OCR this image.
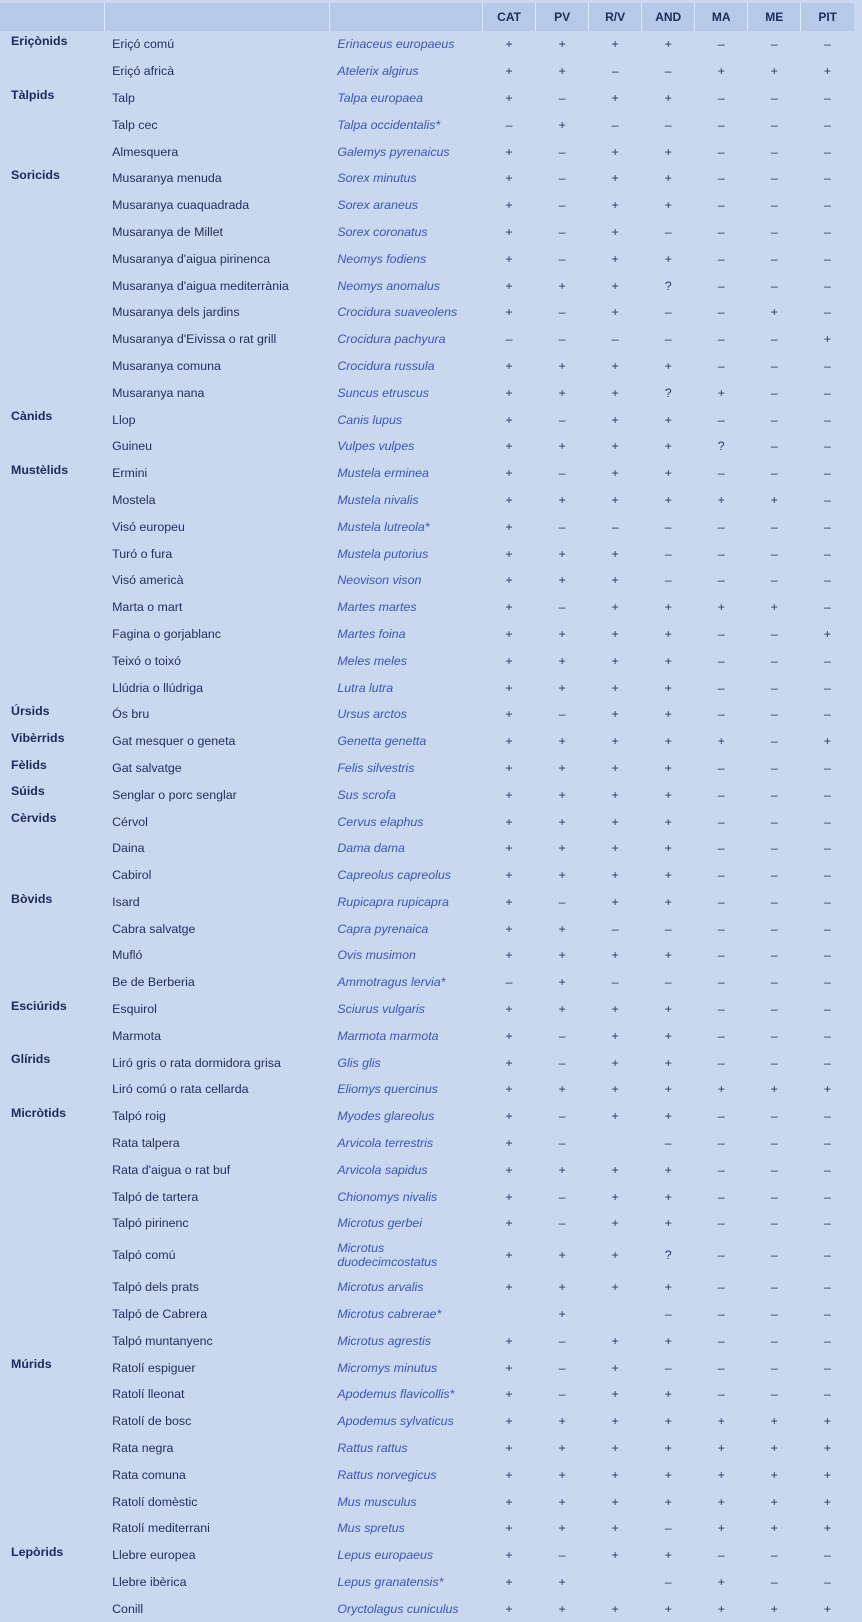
			CAT	PV	R/V	AND	MA	ME	PIT
Eriçònids	Eriçó comú	Erinaceus europaeus	+	+	+	+	–	–	–
	Eriçó africà	Atelerix algirus	+	+	–	–	+	+	+
Tàlpids	Talp	Talpa europaea	+	–	+	+	–	–	–
	Talp cec	Talpa occidentalis*	–	+	–	–	–	–	–
	Almesquera	Galemys pyrenaicus	+	–	+	+	–	–	–
Soricids	Musaranya menuda	Sorex minutus	+	–	+	+	–	–	–
	Musaranya cuaquadrada	Sorex araneus	+	–	+	+	–	–	–
	Musaranya de Millet	Sorex coronatus	+	–	+	–	–	–	–
	Musaranya d'aigua pirinenca	Neomys fodiens	+	–	+	+	–	–	–
	Musaranya d'aigua mediterrània	Neomys anomalus	+	+	+	?	–	–	–
	Musaranya dels jardins	Crocidura suaveolens	+	–	+	–	–	+	–
	Musaranya d'Eivissa o rat grill	Crocidura pachyura	–	–	–	–	–	–	+
	Musaranya comuna	Crocidura russula	+	+	+	+	–	–	–
	Musaranya nana	Suncus etruscus	+	+	+	?	+	–	–
Cànids	Llop	Canis lupus	+	–	+	+	–	–	–
	Guineu	Vulpes vulpes	+	+	+	+	?	–	–
Mustèlids	Ermini	Mustela erminea	+	–	+	+	–	–	–
	Mostela	Mustela nivalis	+	+	+	+	+	+	–
	Visó europeu	Mustela lutreola*	+	–	–	–	–	–	–
	Turó o fura	Mustela putorius	+	+	+	–	–	–	–
	Visó americà	Neovison vison	+	+	+	–	–	–	–
	Marta o mart	Martes martes	+	–	+	+	+	+	–
	Fagina o gorjablanc	Martes foina	+	+	+	+	–	–	+
	Teixó o toixó	Meles meles	+	+	+	+	–	–	–
	Llúdria o llúdriga	Lutra lutra	+	+	+	+	–	–	–
Úrsids	Ós bru	Ursus arctos	+	–	+	+	–	–	–
Vibèrrids	Gat mesquer o geneta	Genetta genetta	+	+	+	+	+	–	+
Fèlids	Gat salvatge	Felis silvestris	+	+	+	+	–	–	–
Súids	Senglar o porc senglar	Sus scrofa	+	+	+	+	–	–	–
Cèrvids	Cérvol	Cervus elaphus	+	+	+	+	–	–	–
	Daina	Dama dama	+	+	+	+	–	–	–
	Cabirol	Capreolus capreolus	+	+	+	+	–	–	–
Bòvids	Isard	Rupicapra rupicapra	+	–	+	+	–	–	–
	Cabra salvatge	Capra pyrenaica	+	+	–	–	–	–	–
	Mufló	Ovis musimon	+	+	+	+	–	–	–
	Be de Berberia	Ammotragus lervia*	–	+	–	–	–	–	–
Esciúrids	Esquirol	Sciurus vulgaris	+	+	+	+	–	–	–
	Marmota	Marmota marmota	+	–	+	+	–	–	–
Glírids	Liró gris o rata dormidora grisa	Glis glis	+	–	+	+	–	–	–
	Liró comú o rata cellarda	Eliomys quercinus	+	+	+	+	+	+	+
Micròtids	Talpó roig	Myodes glareolus	+	–	+	+	–	–	–
	Rata talpera	Arvicola terrestris	+	–		–	–	–	–
	Rata d'aigua o rat buf	Arvicola sapidus	+	+	+	+	–	–	–
	Talpó de tartera	Chionomys nivalis	+	–	+	+	–	–	–
	Talpó pirinenc	Microtus gerbei	+	–	+	+	–	–	–
	Talpó comú	Microtus duodecimcostatus	+	+	+	?	–	–	–
	Talpó dels prats	Microtus arvalis	+	+	+	+	–	–	–
	Talpó de Cabrera	Microtus cabrerae*		+		–	–	–	–
	Talpó muntanyenc	Microtus agrestis	+	–	+	+	–	–	–
Múrids	Ratolí espiguer	Micromys minutus	+	–	+	–	–	–	–
	Ratolí lleonat	Apodemus flavicollis*	+	–	+	+	–	–	–
	Ratolí de bosc	Apodemus sylvaticus	+	+	+	+	+	+	+
	Rata negra	Rattus rattus	+	+	+	+	+	+	+
	Rata comuna	Rattus norvegicus	+	+	+	+	+	+	+
	Ratolí domèstic	Mus musculus	+	+	+	+	+	+	+
	Ratolí mediterrani	Mus spretus	+	+	+	–	+	+	+
Lepòrids	Llebre europea	Lepus europaeus	+	–	+	+	–	–	–
	Llebre ibèrica	Lepus granatensis*	+	+		–	+	–	–
	Conill	Oryctolagus cuniculus	+	+	+	+	+	+	+
